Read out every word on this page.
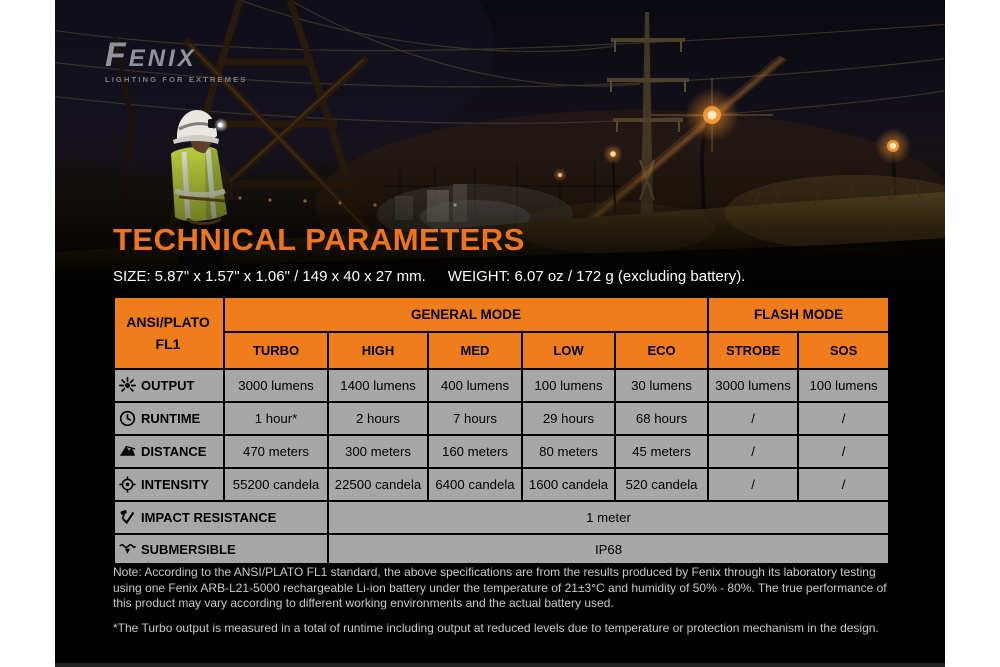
Fenix
LIGHTING FOR EXTREMES
TECHNICAL PARAMETERS
SIZE: 5.87" x 1.57" x 1.06" / 149 x 40 x 27 mm. WEIGHT: 6.07 oz / 172 g (excluding battery).
ANSI/PLATO FL1	GENERAL MODE					FLASH MODE	
	TURBO	HIGH	MED	LOW	ECO	STROBE	SOS

OUTPUT	3000 lumens	1400 lumens	400 lumens	100 lumens	30 lumens	3000 lumens	100 lumens

RUNTIME	1 hour*	2 hours	7 hours	29 hours	68 hours	/	/

DISTANCE	470 meters	300 meters	160 meters	80 meters	45 meters	/	/

INTENSITY	55200 candela	22500 candela	6400 candela	1600 candela	520 candela	/	/

IMPACT RESISTANCE		1 meter					

SUBMERSIBLE		IP68					
Note: According to the ANSI/PLATO FL1 standard, the above specifications are from the results produced by Fenix through its laboratory testing using one Fenix ARB-L21-5000 rechargeable Li-ion battery under the temperature of 21±3°C and humidity of 50% - 80%. The true performance of this product may vary according to different working environments and the actual battery used.
*The Turbo output is measured in a total of runtime including output at reduced levels due to temperature or protection mechanism in the design.
